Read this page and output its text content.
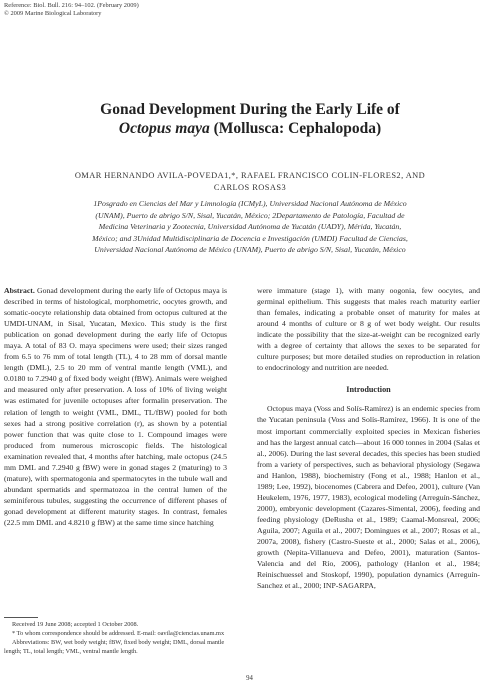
Reference: Biol. Bull. 216: 94–102. (February 2009)
© 2009 Marine Biological Laboratory
Gonad Development During the Early Life of
Octopus maya (Mollusca: Cephalopoda)
OMAR HERNANDO AVILA-POVEDA1,*, RAFAEL FRANCISCO COLIN-FLORES2, AND
CARLOS ROSAS3
1Posgrado en Ciencias del Mar y Limnología (ICMyL), Universidad Nacional Autónoma de México
(UNAM), Puerto de abrigo S/N, Sisal, Yucatán, México; 2Departamento de Patología, Facultad de
Medicina Veterinaria y Zootecnia, Universidad Autónoma de Yucatán (UADY), Mérida, Yucatán,
México; and 3Unidad Multidisciplinaria de Docencia e Investigación (UMDI) Facultad de Ciencias,
Universidad Nacional Autónoma de México (UNAM), Puerto de abrigo S/N, Sisal, Yucatán, México

Abstract. Gonad development during the early life of Octopus maya is described in terms of histological, morphometric, oocytes growth, and somatic-oocyte relationship data obtained from octopus cultured at the UMDI-UNAM, in Sisal, Yucatan, Mexico. This study is the first publication on gonad development during the early life of Octopus maya. A total of 83 O. maya specimens were used; their sizes ranged from 6.5 to 76 mm of total length (TL), 4 to 28 mm of dorsal mantle length (DML), 2.5 to 20 mm of ventral mantle length (VML), and 0.0180 to 7.2940 g of fixed body weight (fBW). Animals were weighed and measured only after preservation. A loss of 10% of living weight was estimated for juvenile octopuses after formalin preservation. The relation of length to weight (VML, DML, TL/fBW) pooled for both sexes had a strong positive correlation (r), as shown by a potential power function that was quite close to 1. Compound images were produced from numerous microscopic fields. The histological examination revealed that, 4 months after hatching, male octopus (24.5 mm DML and 7.2940 g fBW) were in gonad stages 2 (maturing) to 3 (mature), with spermatogonia and spermatocytes in the tubule wall and abundant spermatids and spermatozoa in the central lumen of the seminiferous tubules, suggesting the occurrence of different phases of gonad development at different maturity stages. In contrast, females (22.5 mm DML and 4.8210 g fBW) at the same time since hatching

were immature (stage 1), with many oogonia, few oocytes, and germinal epithelium. This suggests that males reach maturity earlier than females, indicating a probable onset of maturity for males at around 4 months of culture or 8 g of wet body weight. Our results indicate the possibility that the size-at-weight can be recognized early with a degree of certainty that allows the sexes to be separated for culture purposes; but more detailed studies on reproduction in relation to endocrinology and nutrition are needed.

Introduction

Octopus maya (Voss and Solís-Ramírez) is an endemic species from the Yucatan peninsula (Voss and Solís-Ramírez, 1966). It is one of the most important commercially exploited species in Mexican fisheries and has the largest annual catch—about 16 000 tonnes in 2004 (Salas et al., 2006). During the last several decades, this species has been studied from a variety of perspectives, such as behavioral physiology (Segawa and Hanlon, 1988), biochemistry (Fong et al., 1988; Hanlon et al., 1989; Lee, 1992), biocenomes (Cabrera and Defeo, 2001), culture (Van Heukelem, 1976, 1977, 1983), ecological modeling (Arreguín-Sánchez, 2000), embryonic development (Cazares-Simental, 2006), feeding and feeding physiology (DeRusha et al., 1989; Caamal-Monsreal, 2006; Aguila, 2007; Aguila et al., 2007; Domingues et al., 2007; Rosas et al., 2007a, 2008), fishery (Castro-Sueste et al., 2000; Salas et al., 2006), growth (Nepita-Villanueva and Defeo, 2001), maturation (Santos-Valencia and del Río, 2006), pathology (Hanlon et al., 1984; Reinischuessel and Stoskopf, 1990), population dynamics (Arreguín-Sanchez et al., 2000; INP-SAGARPA,

Received 19 June 2008; accepted 1 October 2008.

* To whom correspondence should be addressed. E-mail: oavila@ciencias.unam.mx

Abbreviations: BW, wet body weight; fBW, fixed body weight; DML, dorsal mantle length; TL, total length; VML, ventral mantle length.

94
